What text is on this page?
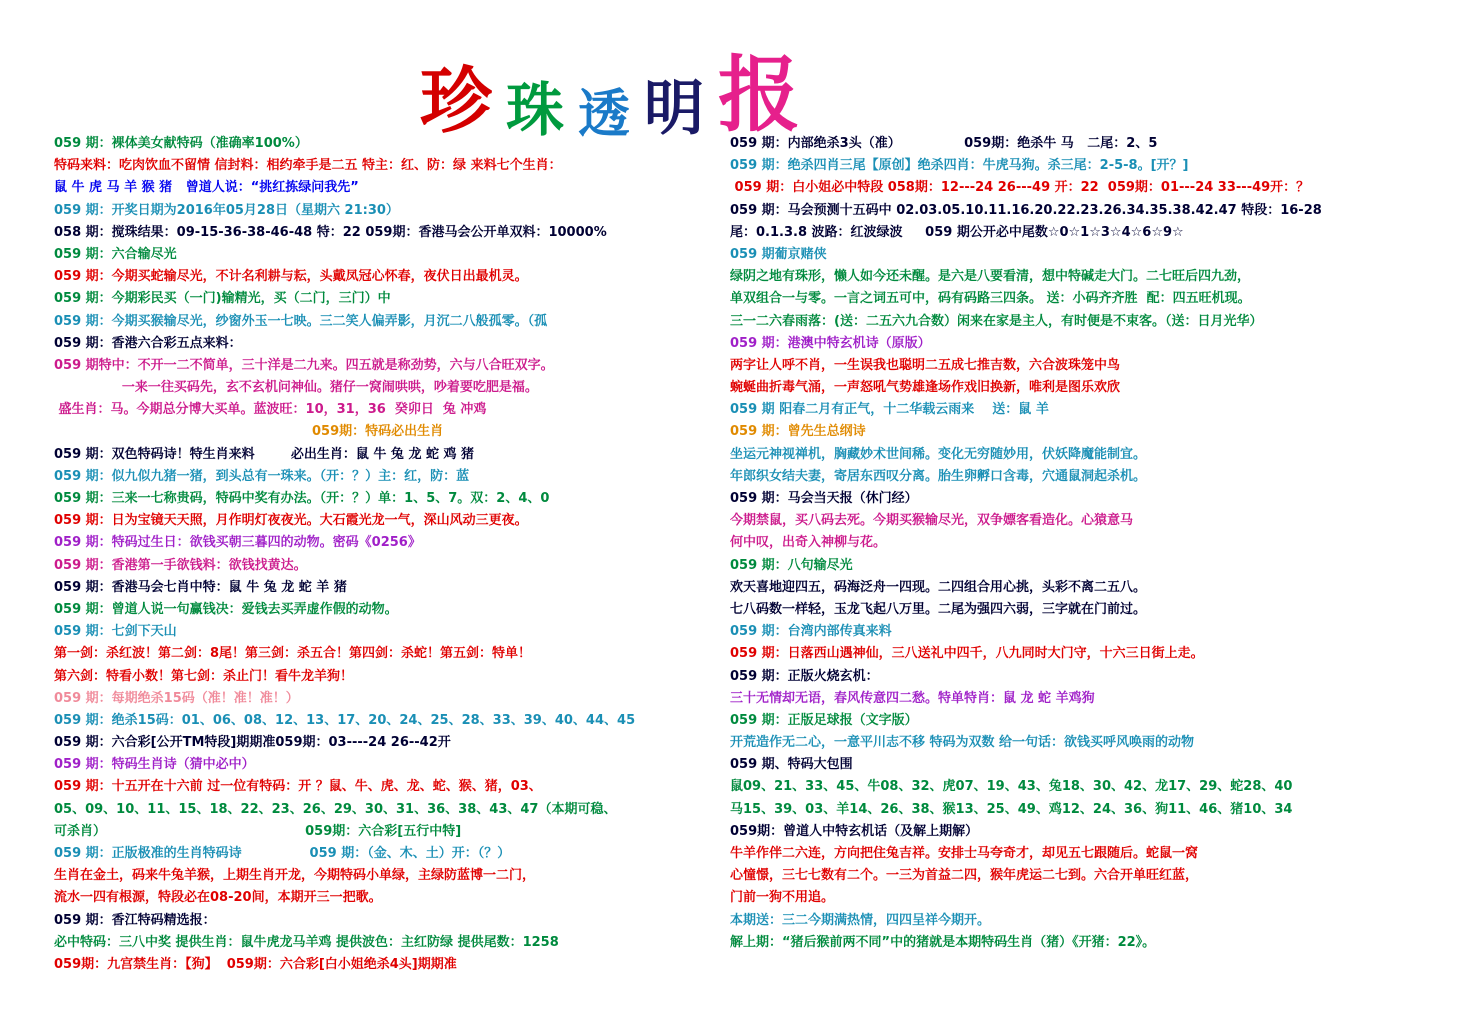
珍 珠 透 明 报
059 期：裸体美女献特码（准确率100%）
特码来料：吃肉饮血不留情 信封料：相约牵手是二五 特主：红、防：绿 来料七个生肖：
鼠 牛 虎 马 羊 猴 猪   曾道人说：“挑红拣绿问我先”
059 期：开奖日期为2016年05月28日（星期六 21:30）
058 期：搅珠结果：09-15-36-38-46-48 特：22 059期：香港马会公开单双料：10000%
059 期：六合输尽光
059 期：今期买蛇输尽光，不计名利耕与耘，头戴凤冠心怀春，夜伏日出最机灵。
059 期：今期彩民买（一门)输精光，买（二门，三门）中
059 期：今期买猴输尽光，纱窗外玉一七映。三二笑人偏弄影，月沉二八般孤零。（孤
059 期：香港六合彩五点来料：
059 期特中：不开一二不简单，三十洋是二九来。四五就是称劲势，六与八合旺双字。
一来一往买码先，玄不玄机问神仙。猪仔一窝闹哄哄，吵着要吃肥是福。
盛生肖：马。今期总分博大买单。蓝波旺：10，31，36  癸卯日  兔 冲鸡
059期：特码必出生肖
059 期：双色特码诗！特生肖来料        必出生肖：鼠 牛 兔 龙 蛇 鸡 猪
059 期：似九似九猪一猪，到头总有一珠来。（开：？）主：红，防：蓝
059 期：三来一七称贵码，特码中奖有办法。（开：？）单：1、5、7。双：2、4、0
059 期：日为宝镜天天照，月作明灯夜夜光。大石霞光龙一气，深山风动三更夜。
059 期：特码过生日：欲钱买朝三暮四的动物。密码《0256》
059 期：香港第一手欲钱料：欲钱找黄达。
059 期：香港马会七肖中特：鼠 牛 兔 龙 蛇 羊 猪
059 期：曾道人说一句赢钱决：爱钱去买弄虚作假的动物。
059 期：七剑下天山
第一剑：杀红波！第二剑：8尾！第三剑：杀五合！第四剑：杀蛇！第五剑：特单！
第六剑：特看小数！第七剑：杀止门！看牛龙羊狗！
059 期：每期绝杀15码（准！准！准！）
059 期：绝杀15码：01、06、08、12、13、17、20、24、25、28、33、39、40、44、45
059 期：六合彩[公开TM特段]期期准059期：03----24 26--42开
059 期：特码生肖诗（猜中必中）
059 期：十五开在十六前 过一位有特码：开 ？鼠、牛、虎、龙、蛇、猴、猪，03、
05、09、10、11、15、18、22、23、26、29、30、31、36、38、43、47（本期可稳、
可杀肖）                                            059期：六合彩[五行中特]
059 期：正版极准的生肖特码诗               059 期：（金、木、土）开：（？）
生肖在金土，码来牛兔羊猴，上期生肖开龙，今期特码小单绿，主绿防蓝博一二门，
流水一四有根源，特段必在08-20间，本期开三一把歌。
059 期：香江特码精选报：
必中特码：三八中奖 提供生肖：鼠牛虎龙马羊鸡 提供波色：主红防绿 提供尾数：1258
059期：九宫禁生肖：【狗】  059期：六合彩[白小姐绝杀4头]期期准
059 期：内部绝杀3头（准）              059期：绝杀牛 马   二尾：2、5
059 期：绝杀四肖三尾【原创】绝杀四肖：牛虎马狗。杀三尾：2-5-8。[开？]
059 期：白小姐必中特段 058期：12---24 26---49 开：22  059期：01---24 33---49开：？
059 期：马会预测十五码中 02.03.05.10.11.16.20.22.23.26.34.35.38.42.47 特段：16-28
尾：0.1.3.8 波路：红波绿波     059 期公开必中尾数☆0☆1☆3☆4☆6☆9☆
059 期葡京赌侠
绿阴之地有珠形，懒人如今还未醒。是六是八要看清，想中特碱走大门。二七旺后四九劲，
单双组合一与零。一言之词五可中，码有码路三四条。 送：小码齐齐胜  配：四五旺机现。
三一二六春雨落：(送：二五六九合数）闲来在家是主人，有时便是不束客。（送：日月光华）
059 期：港澳中特玄机诗（原版）
两字让人呼不肖，一生误我也聪明二五成七推吉数，六合波珠笼中鸟
蜿蜒曲折毒气涌，一声怒吼气势雄逢场作戏旧换新，唯利是图乐欢欣
059 期 阳春二月有正气，十二华载云雨来    送：鼠 羊
059 期：曾先生总纲诗
坐运元神视禅机，胸藏妙术世间稀。变化无穷随妙用，伏妖降魔能制宜。
年郎织女结夫妻，寄居东西叹分离。胎生卵孵口含毒，穴通鼠洞起杀机。
059 期：马会当天报（休门经）
今期禁鼠，买八码去死。今期买猴输尽光，双争嫖客看造化。心猿意马
何中叹，出奇入神柳与花。
059 期：八句输尽光
欢天喜地迎四五，码海泛舟一四现。二四组合用心挑，头彩不离二五八。
七八码数一样轻，玉龙飞起八万里。二尾为强四六弱，三字就在门前过。
059 期：台湾内部传真来料
059 期：日落西山遇神仙，三八送礼中四千，八九同时大门守，十六三日街上走。
059 期：正版火烧玄机：
三十无情却无语，春风传意四二愁。特单特肖：鼠 龙 蛇 羊鸡狗
059 期：正版足球报（文字版）
开荒造作无二心，一意平川志不移 特码为双数 给一句话：欲钱买呼风唤雨的动物
059 期、特码大包围
鼠09、21、33、45、牛08、32、虎07、19、43、兔18、30、42、龙17、29、蛇28、40
马15、39、03、羊14、26、38、猴13、25、49、鸡12、24、36、狗11、46、猪10、34
059期：曾道人中特玄机话（及解上期解）
牛羊作伴二六连，方向把住兔吉祥。安排士马夸奇才，却见五七跟随后。蛇鼠一窝
心憧憬，三七七数有二个。一三为首益二四，猴年虎运二七到。六合开单旺红蓝，
门前一狗不用追。
本期送：三二今期满热情，四四呈祥今期开。
解上期：“猪后猴前两不同”中的猪就是本期特码生肖（猪）《开猪：22》。
